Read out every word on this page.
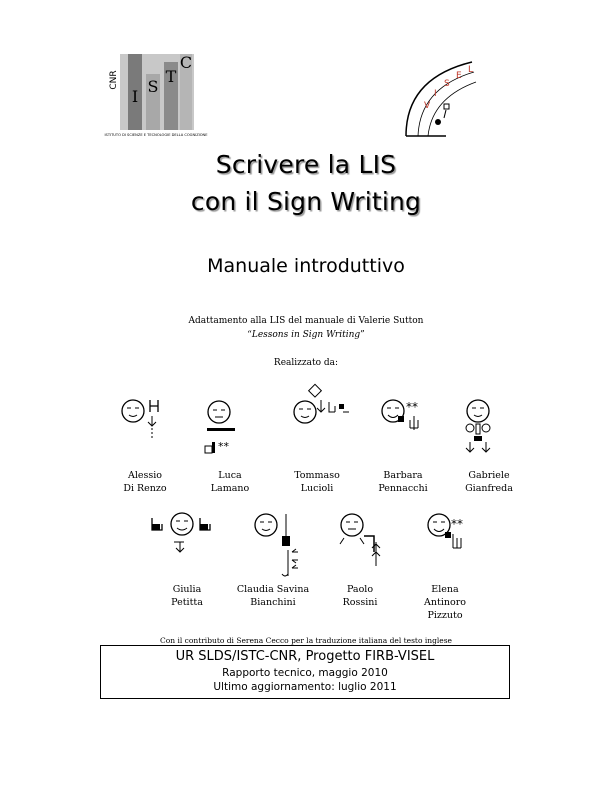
CNR
I
S
T
C
ISTITUTO DI SCIENZE E TECNOLOGIE DELLA COGNIZIONE
V
I
S
E
L
Scrivere la LIS
con il Sign Writing
Manuale introduttivo
Adattamento alla LIS del manuale di Valerie Sutton
“Lessons in Sign Writing”
Realizzato da:
**
**
Alessio
Di Renzo
Luca
Lamano
Tommaso
Lucioli
Barbara
Pennacchi
Gabriele
Gianfreda
**
Giulia
Petitta
Claudia Savina
Bianchini
Paolo
Rossini
Elena
Antinoro
Pizzuto
Con il contributo di Serena Cecco per la traduzione italiana del testo inglese
UR SLDS/ISTC-CNR, Progetto FIRB-VISEL
Rapporto tecnico, maggio 2010
Ultimo aggiornamento: luglio 2011
